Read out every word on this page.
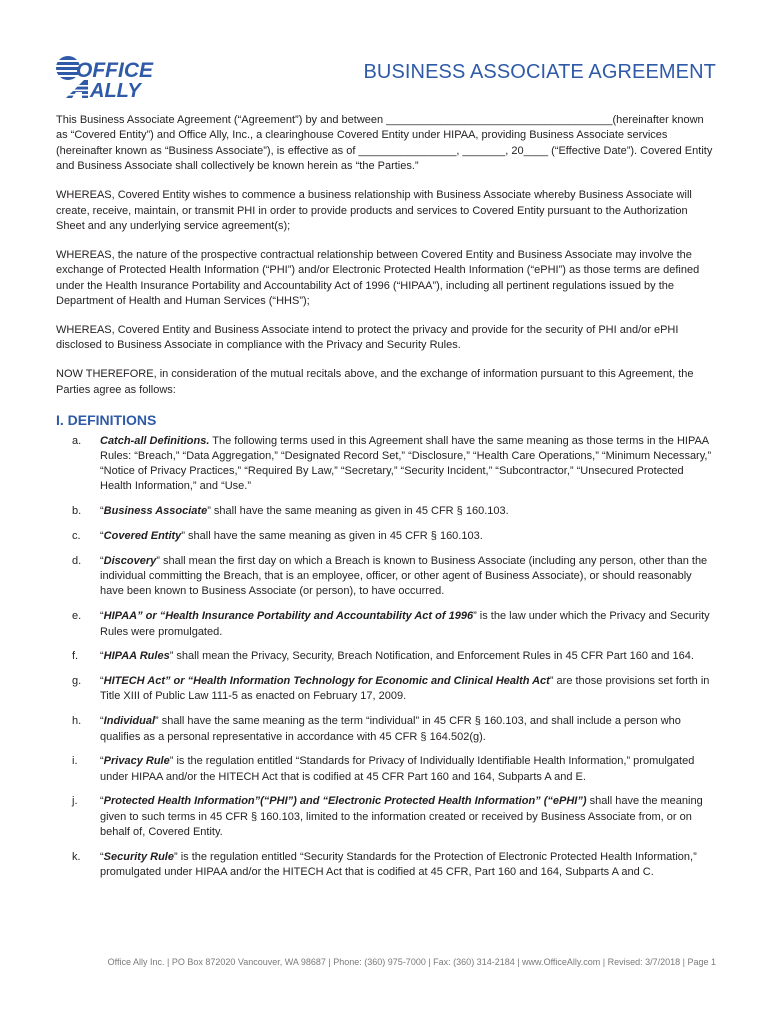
OFFICE
ALLY
BUSINESS ASSOCIATE AGREEMENT

This Business Associate Agreement (“Agreement”) by and between _____________________________________(hereinafter known as “Covered Entity”) and Office Ally, Inc., a clearinghouse Covered Entity under HIPAA, providing Business Associate services (hereinafter known as “Business Associate”), is effective as of ________________, _______, 20____ (“Effective Date”). Covered Entity and Business Associate shall collectively be known herein as “the Parties.”

WHEREAS, Covered Entity wishes to commence a business relationship with Business Associate whereby Business Associate will create, receive, maintain, or transmit PHI in order to provide products and services to Covered Entity pursuant to the Authorization Sheet and any underlying service agreement(s);

WHEREAS, the nature of the prospective contractual relationship between Covered Entity and Business Associate may involve the exchange of Protected Health Information (“PHI”) and/or Electronic Protected Health Information (“ePHI”) as those terms are defined under the Health Insurance Portability and Accountability Act of 1996 (“HIPAA”), including all pertinent regulations issued by the Department of Health and Human Services (“HHS”);

WHEREAS, Covered Entity and Business Associate intend to protect the privacy and provide for the security of PHI and/or ePHI disclosed to Business Associate in compliance with the Privacy and Security Rules.

NOW THEREFORE, in consideration of the mutual recitals above, and the exchange of information pursuant to this Agreement, the Parties agree as follows:

I. DEFINITIONS
a.	Catch-all Definitions. The following terms used in this Agreement shall have the same meaning as those terms in the HIPAA Rules: “Breach,” “Data Aggregation,” “Designated Record Set,” “Disclosure,” “Health Care Operations,” “Minimum Necessary,” “Notice of Privacy Practices,” “Required By Law,” “Secretary,” “Security Incident,” “Subcontractor,” “Unsecured Protected Health Information,” and “Use.”
b.	“Business Associate” shall have the same meaning as given in 45 CFR § 160.103.
c.	“Covered Entity” shall have the same meaning as given in 45 CFR § 160.103.
d.	“Discovery” shall mean the first day on which a Breach is known to Business Associate (including any person, other than the individual committing the Breach, that is an employee, officer, or other agent of Business Associate), or should reasonably have been known to Business Associate (or person), to have occurred.
e.	“HIPAA” or “Health Insurance Portability and Accountability Act of 1996” is the law under which the Privacy and Security Rules were promulgated.
f.	“HIPAA Rules” shall mean the Privacy, Security, Breach Notification, and Enforcement Rules in 45 CFR Part 160 and 164.
g.	“HITECH Act” or “Health Information Technology for Economic and Clinical Health Act” are those provisions set forth in Title XIII of Public Law 111-5 as enacted on February 17, 2009.
h.	“Individual” shall have the same meaning as the term “individual” in 45 CFR § 160.103, and shall include a person who qualifies as a personal representative in accordance with 45 CFR § 164.502(g).
i.	“Privacy Rule” is the regulation entitled “Standards for Privacy of Individually Identifiable Health Information,” promulgated under HIPAA and/or the HITECH Act that is codified at 45 CFR Part 160 and 164, Subparts A and E.
j.	“Protected Health Information”(“PHI”) and “Electronic Protected Health Information” (“ePHI”) shall have the meaning given to such terms in 45 CFR § 160.103, limited to the information created or received by Business Associate from, or on behalf of, Covered Entity.
k.	“Security Rule” is the regulation entitled “Security Standards for the Protection of Electronic Protected Health Information,” promulgated under HIPAA and/or the HITECH Act that is codified at 45 CFR, Part 160 and 164, Subparts A and C.
Office Ally Inc. | PO Box 872020 Vancouver, WA 98687 | Phone: (360) 975-7000 | Fax: (360) 314-2184 | www.OfficeAlly.com | Revised: 3/7/2018 | Page 1
